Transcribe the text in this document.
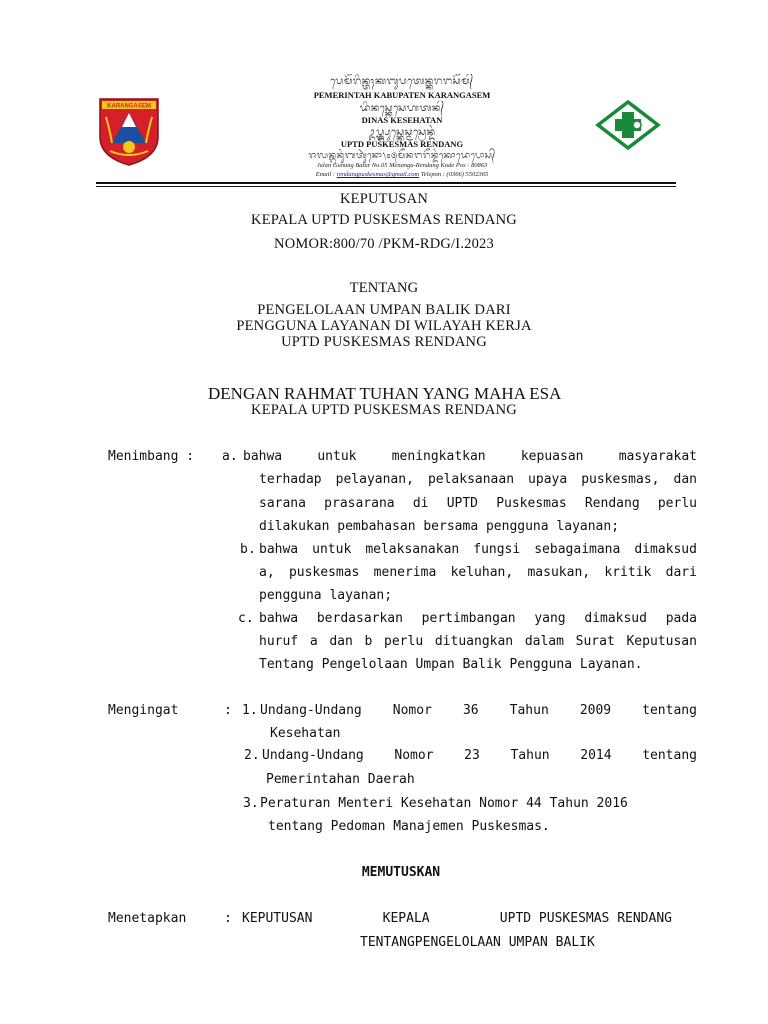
KARANGASEM
ᬧᬾᬫᭂᬭᬶᬦ᭄ᬢᬄᬓᬩᬸᬧᬢᬾᬦ᭄ᬓᬭᬗᬲᭂᬫ᭄
PEMERINTAH KABUPATEN KARANGASEM
ᬤᬶᬦᬲ᭄ᬓᬾᬲᬾᬳᬢᬦ᭄
DINAS KESEHATAN
ᬉᬧ᭄ᬢ᭄ᬤ᭄ᬧᬸᬲ᭄ᬓᬾᬲ᭄ᬫᬲ᭄ᬭᬾᬦ᭄ᬤᬂ
UPTD PUSKESMAS RENDANG
ᬚᬮᬦ᭄ᬕᬸᬦᬸᬂᬩᬢᬸᬃᬦᭀ᭞᭐᭕ᬫᭂᬦᬗᬭᭂᬦ᭄ᬤᬂᬓᭀᬤᬾᬧᭀᬲ᭄
Jalan Gunung Batur No.05 Menanga-Rendang Kode Pos : 80863
Email : rendangpuskesmas@gmail.com Telepon : (0366) 5502365
KEPUTUSAN
KEPALA UPTD PUSKESMAS RENDANG
NOMOR:800/70 /PKM-RDG/I.2023
TENTANG
PENGELOLAAN UMPAN BALIK DARI
PENGGUNA LAYANAN DI WILAYAH KERJA
UPTD PUSKESMAS RENDANG
DENGAN RAHMAT TUHAN YANG MAHA ESA
KEPALA UPTD PUSKESMAS RENDANG
Menimbang : a. bahwa	untuk	meningkatkan	kepuasan	masyarakat
terhadap pelayanan, pelaksanaan upaya puskesmas, dan
sarana prasarana di UPTD Puskesmas Rendang perlu
dilakukan pembahasan bersama pengguna layanan;
b. bahwa untuk melaksanakan fungsi sebagaimana dimaksud
a, puskesmas menerima keluhan, masukan, kritik dari
pengguna layanan;
c. bahwa berdasarkan pertimbangan yang dimaksud pada
huruf a dan b perlu dituangkan dalam Surat Keputusan
Tentang Pengelolaan Umpan Balik Pengguna Layanan.
Mengingat	: 1. Undang-Undang Nomor 36 Tahun 2009 tentang
Kesehatan
2. Undang-Undang Nomor 23 Tahun 2014 tentang
Pemerintahan Daerah
3. Peraturan Menteri Kesehatan Nomor 44 Tahun 2016
tentang Pedoman Manajemen Puskesmas.
MEMUTUSKAN
Menetapkan	: KEPUTUSAN	KEPALA	UPTD PUSKESMAS RENDANG
TENTANGPENGELOLAAN UMPAN BALIK
